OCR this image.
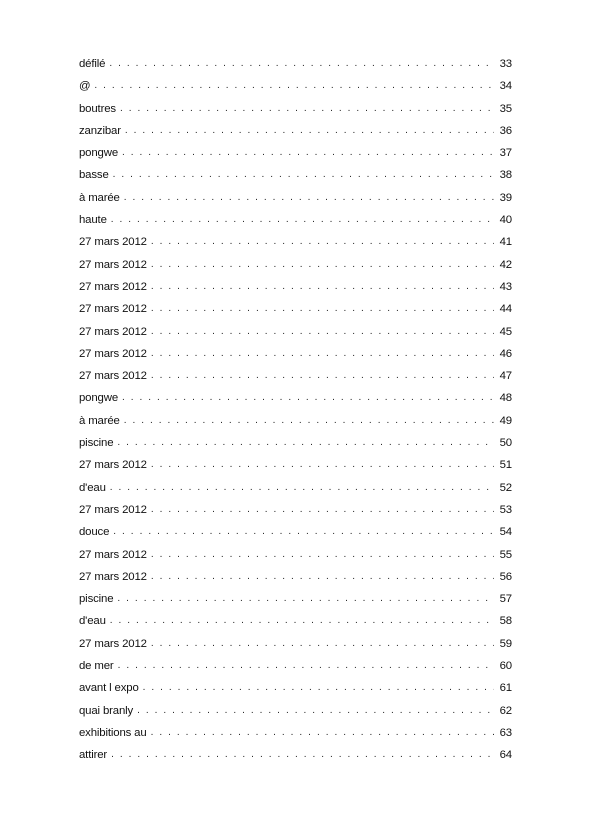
défilé . . .	33
@ . . .	34
boutres . . .	35
zanzibar . . .	36
pongwe . . .	37
basse . . .	38
à marée . . .	39
haute . . .	40
27 mars 2012 . . .	41
27 mars 2012 . . .	42
27 mars 2012 . . .	43
27 mars 2012 . . .	44
27 mars 2012 . . .	45
27 mars 2012 . . .	46
27 mars 2012 . . .	47
pongwe . . .	48
à marée . . .	49
piscine . . .	50
27 mars 2012 . . .	51
d'eau . . .	52
27 mars 2012 . . .	53
douce . . .	54
27 mars 2012 . . .	55
27 mars 2012 . . .	56
piscine . . .	57
d'eau . . .	58
27 mars 2012 . . .	59
de mer . . .	60
avant l expo . . .	61
quai branly . . .	62
exhibitions au . . .	63
attirer . . .	64
